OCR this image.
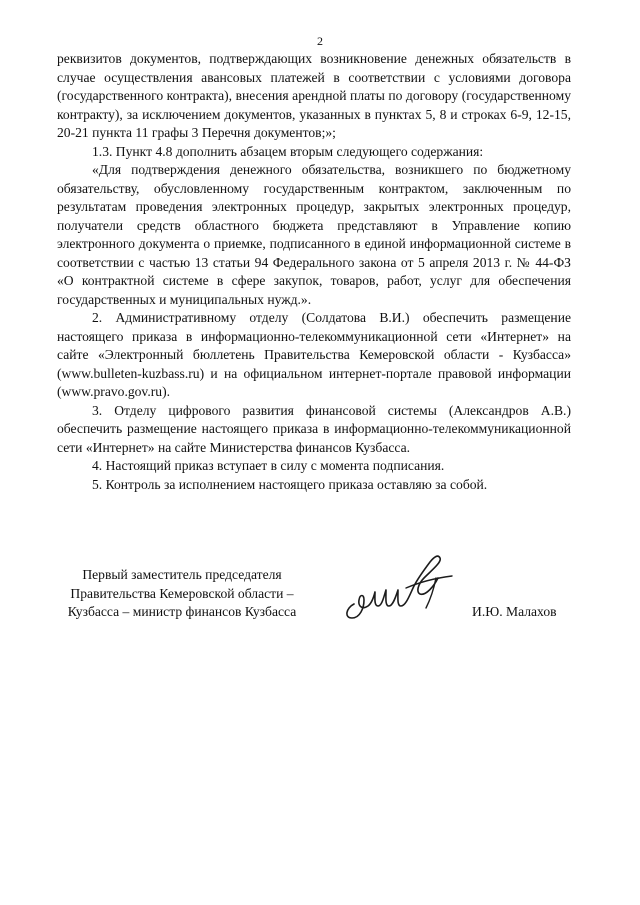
2

реквизитов документов, подтверждающих возникновение денежных обязательств в случае осуществления авансовых платежей в соответствии с условиями договора (государственного контракта), внесения арендной платы по договору (государственному контракту), за исключением документов, указанных в пунктах 5, 8 и строках 6-9, 12-15, 20-21 пункта 11 графы 3 Перечня документов;»;

1.3. Пункт 4.8 дополнить абзацем вторым следующего содержания:

«Для подтверждения денежного обязательства, возникшего по бюджетному обязательству, обусловленному государственным контрактом, заключенным по результатам проведения электронных процедур, закрытых электронных процедур, получатели средств областного бюджета представляют в Управление копию электронного документа о приемке, подписанного в единой информационной системе в соответствии с частью 13 статьи 94 Федерального закона от 5 апреля 2013 г. № 44-ФЗ «О контрактной системе в сфере закупок, товаров, работ, услуг для обеспечения государственных и муниципальных нужд.».

2. Административному отделу (Солдатова В.И.) обеспечить размещение настоящего приказа в информационно-телекоммуникационной сети «Интернет» на сайте «Электронный бюллетень Правительства Кемеровской области - Кузбасса» (www.bulleten-kuzbass.ru) и на официальном интернет-портале правовой информации (www.pravo.gov.ru).

3. Отделу цифрового развития финансовой системы (Александров А.В.) обеспечить размещение настоящего приказа в информационно-телекоммуникационной сети «Интернет» на сайте Министерства финансов Кузбасса.

4. Настоящий приказ вступает в силу с момента подписания.

5. Контроль за исполнением настоящего приказа оставляю за собой.

Первый заместитель председателя
Правительства Кемеровской области –
Кузбасса – министр финансов Кузбасса	И.Ю. Малахов
